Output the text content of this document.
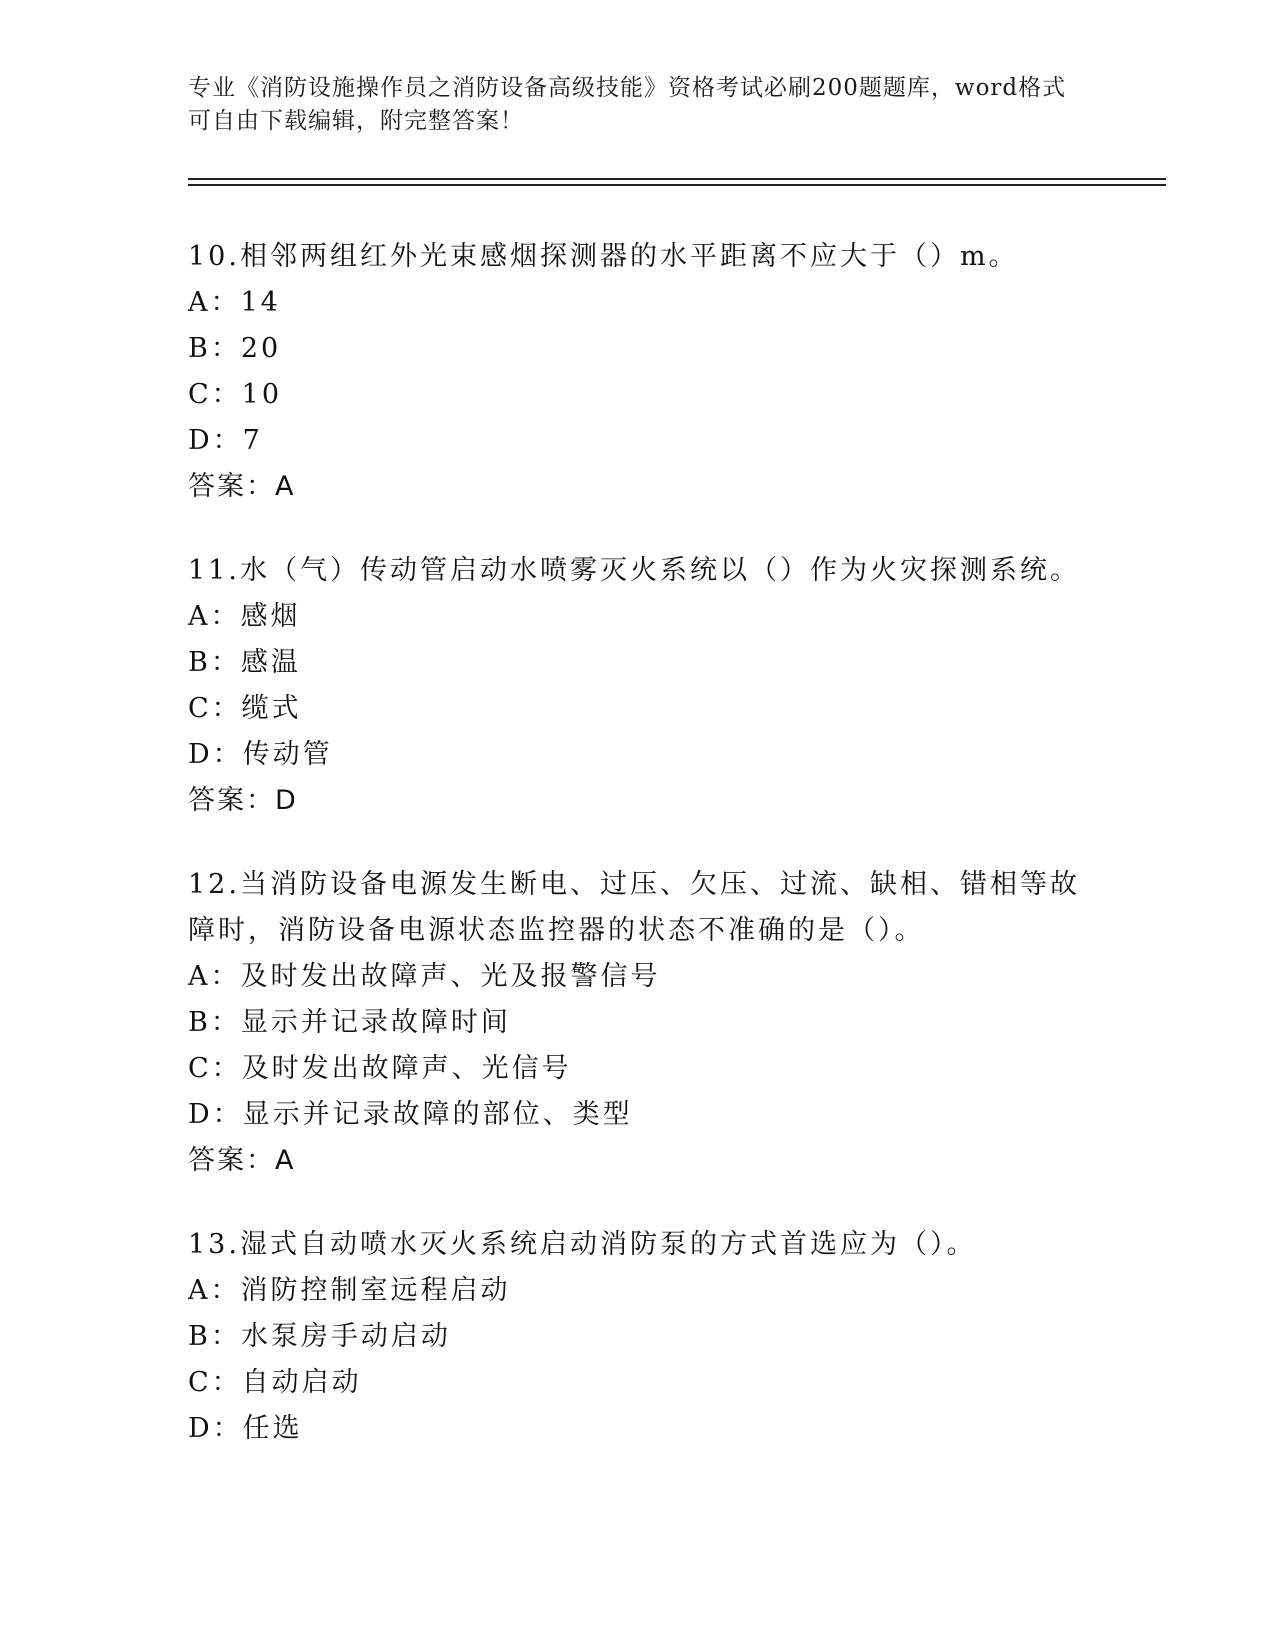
专业《消防设施操作员之消防设备高级技能》资格考试必刷200题题库，word格式可自由下载编辑，附完整答案！

10.相邻两组红外光束感烟探测器的水平距离不应大于（）m。

A：14

B：20

C：10

D：7

答案：A

11.水（气）传动管启动水喷雾灭火系统以（）作为火灾探测系统。

A：感烟

B：感温

C：缆式

D：传动管

答案：D

12.当消防设备电源发生断电、过压、欠压、过流、缺相、错相等故障时，消防设备电源状态监控器的状态不准确的是（）。

A：及时发出故障声、光及报警信号

B：显示并记录故障时间

C：及时发出故障声、光信号

D：显示并记录故障的部位、类型

答案：A

13.湿式自动喷水灭火系统启动消防泵的方式首选应为（）。

A：消防控制室远程启动

B：水泵房手动启动

C：自动启动

D：任选
